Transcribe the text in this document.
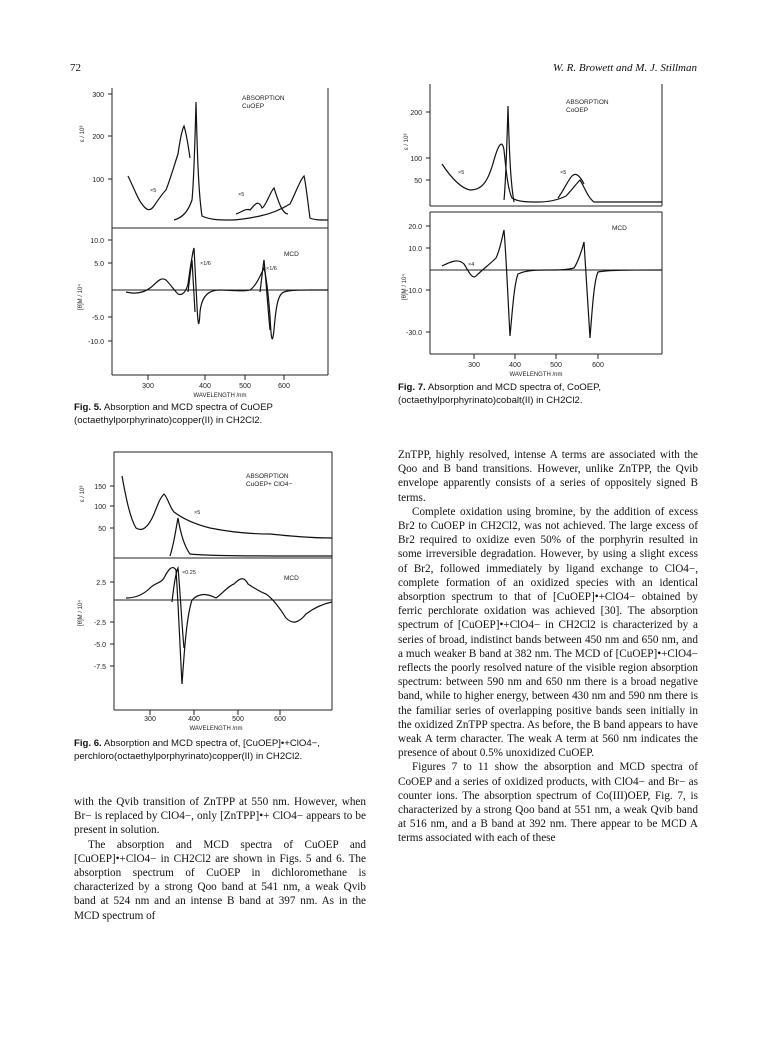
72	W. R. Browett and M. J. Stillman
300
200
100
ε / 10³
ABSORPTION
CuOEP
×5
×5
10.0
5.0
-5.0
-10.0
[θ]M / 10⁴
MCD
×1/6
×1/6
300	400	500	600
WAVELENGTH /nm
Fig. 5. Absorption and MCD spectra of CuOEP (octaethylporphyrinato)copper(II) in CH2Cl2.
200
100
50
ε / 10³
ABSORPTION
CoOEP
×5	×5
20.0
10.0
-10.0
-30.0
[θ]M / 10⁴
MCD
×4
300	400	500	600
WAVELENGTH /nm
Fig. 7. Absorption and MCD spectra of, CoOEP, (octaethylporphyrinato)cobalt(II) in CH2Cl2.
150
100
50
ε / 10³
ABSORPTION
CuOEP+ ClO4−
×5
2.5
-2.5
-5.0
-7.5
[θ]M / 10⁴
MCD
×0.25
300	400	500	600
WAVELENGTH /nm
Fig. 6. Absorption and MCD spectra of, [CuOEP]•+ClO4−, perchloro(octaethylporphyrinato)copper(II) in CH2Cl2.

with the Qvib transition of ZnTPP at 550 nm. However, when Br− is replaced by ClO4−, only [ZnTPP]•+ ClO4− appears to be present in solution.

The absorption and MCD spectra of CuOEP and [CuOEP]•+ClO4− in CH2Cl2 are shown in Figs. 5 and 6. The absorption spectrum of CuOEP in dichloromethane is characterized by a strong Qoo band at 541 nm, a weak Qvib band at 524 nm and an intense B band at 397 nm. As in the MCD spectrum of

ZnTPP, highly resolved, intense A terms are associated with the Qoo and B band transitions. However, unlike ZnTPP, the Qvib envelope apparently consists of a series of oppositely signed B terms.

Complete oxidation using bromine, by the addition of excess Br2 to CuOEP in CH2Cl2, was not achieved. The large excess of Br2 required to oxidize even 50% of the porphyrin resulted in some irreversible degradation. However, by using a slight excess of Br2, followed immediately by ligand exchange to ClO4−, complete formation of an oxidized species with an identical absorption spectrum to that of [CuOEP]•+ClO4− obtained by ferric perchlorate oxidation was achieved [30]. The absorption spectrum of [CuOEP]•+ClO4− in CH2Cl2 is characterized by a series of broad, indistinct bands between 450 nm and 650 nm, and a much weaker B band at 382 nm. The MCD of [CuOEP]•+ClO4− reflects the poorly resolved nature of the visible region absorption spectrum: between 590 nm and 650 nm there is a broad negative band, while to higher energy, between 430 nm and 590 nm there is the familiar series of overlapping positive bands seen initially in the oxidized ZnTPP spectra. As before, the B band appears to have weak A term character. The weak A term at 560 nm indicates the presence of about 0.5% unoxidized CuOEP.

Figures 7 to 11 show the absorption and MCD spectra of CoOEP and a series of oxidized products, with ClO4− and Br− as counter ions. The absorption spectrum of Co(III)OEP, Fig. 7, is characterized by a strong Qoo band at 551 nm, a weak Qvib band at 516 nm, and a B band at 392 nm. There appear to be MCD A terms associated with each of these
